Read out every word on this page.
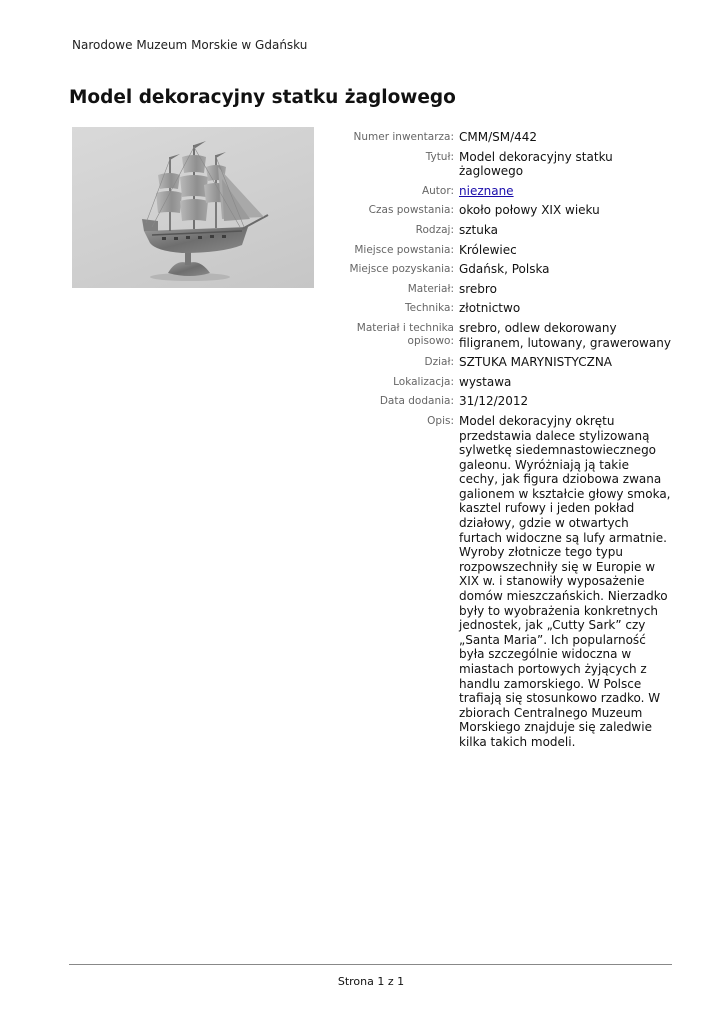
Narodowe Muzeum Morskie w Gdańsku
Model dekoracyjny statku żaglowego
Numer inwentarza: CMM/SM/442
Tytuł: Model dekoracyjny statku żaglowego
Autor: nieznane
Czas powstania: około połowy XIX wieku
Rodzaj: sztuka
Miejsce powstania: Królewiec
Miejsce pozyskania: Gdańsk, Polska
Materiał: srebro
Technika: złotnictwo
Materiał i technika opisowo:
srebro, odlew dekorowany filigranem, lutowany, grawerowany
Dział: SZTUKA MARYNISTYCZNA
Lokalizacja: wystawa
Data dodania: 31/12/2012
Opis: Model dekoracyjny okrętu przedstawia dalece stylizowaną sylwetkę siedemnastowiecznego galeonu. Wyróżniają ją takie cechy, jak figura dziobowa zwana galionem w kształcie głowy smoka, kasztel rufowy i jeden pokład działowy, gdzie w otwartych furtach widoczne są lufy armatnie. Wyroby złotnicze tego typu rozpowszechniły się w Europie w XIX w. i stanowiły wyposażenie domów mieszczańskich. Nierzadko były to wyobrażenia konkretnych jednostek, jak „Cutty Sark” czy „Santa Maria”. Ich popularność była szczególnie widoczna w miastach portowych żyjących z handlu zamorskiego. W Polsce trafiają się stosunkowo rzadko. W zbiorach Centralnego Muzeum Morskiego znajduje się zaledwie kilka takich modeli.
Strona 1 z 1
